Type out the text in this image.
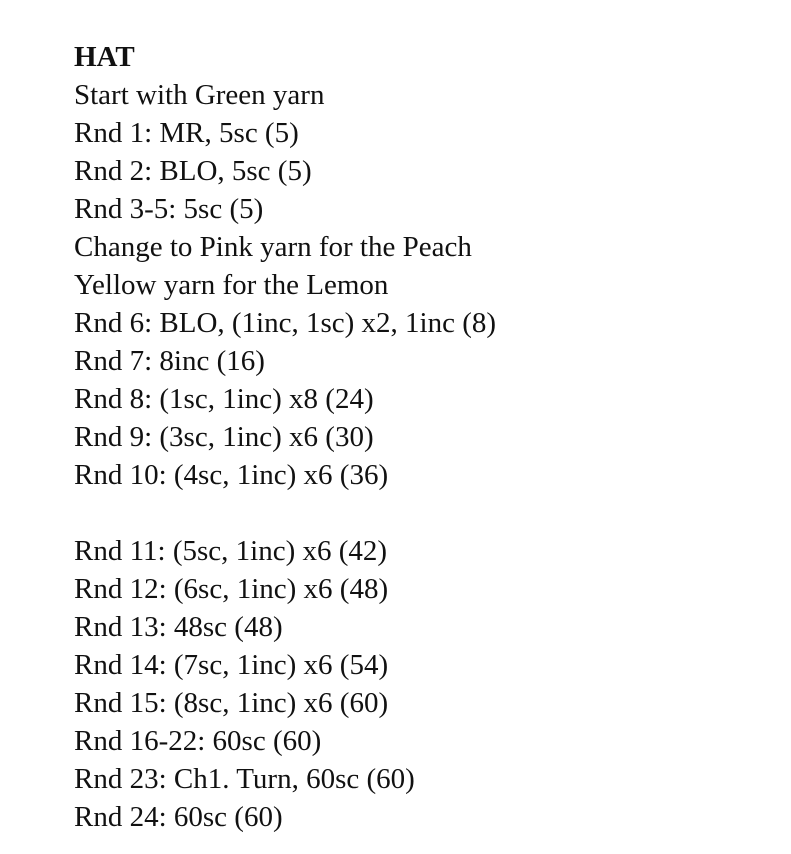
HAT
Start with Green yarn
Rnd 1: MR, 5sc (5)
Rnd 2: BLO, 5sc (5)
Rnd 3-5: 5sc (5)
Change to Pink yarn for the Peach
Yellow yarn for the Lemon
Rnd 6: BLO, (1inc, 1sc) x2, 1inc (8)
Rnd 7: 8inc (16)
Rnd 8: (1sc, 1inc) x8 (24)
Rnd 9: (3sc, 1inc) x6 (30)
Rnd 10: (4sc, 1inc) x6 (36)
Rnd 11: (5sc, 1inc) x6 (42)
Rnd 12: (6sc, 1inc) x6 (48)
Rnd 13: 48sc (48)
Rnd 14: (7sc, 1inc) x6 (54)
Rnd 15: (8sc, 1inc) x6 (60)
Rnd 16-22: 60sc (60)
Rnd 23: Ch1. Turn, 60sc (60)
Rnd 24: 60sc (60)
